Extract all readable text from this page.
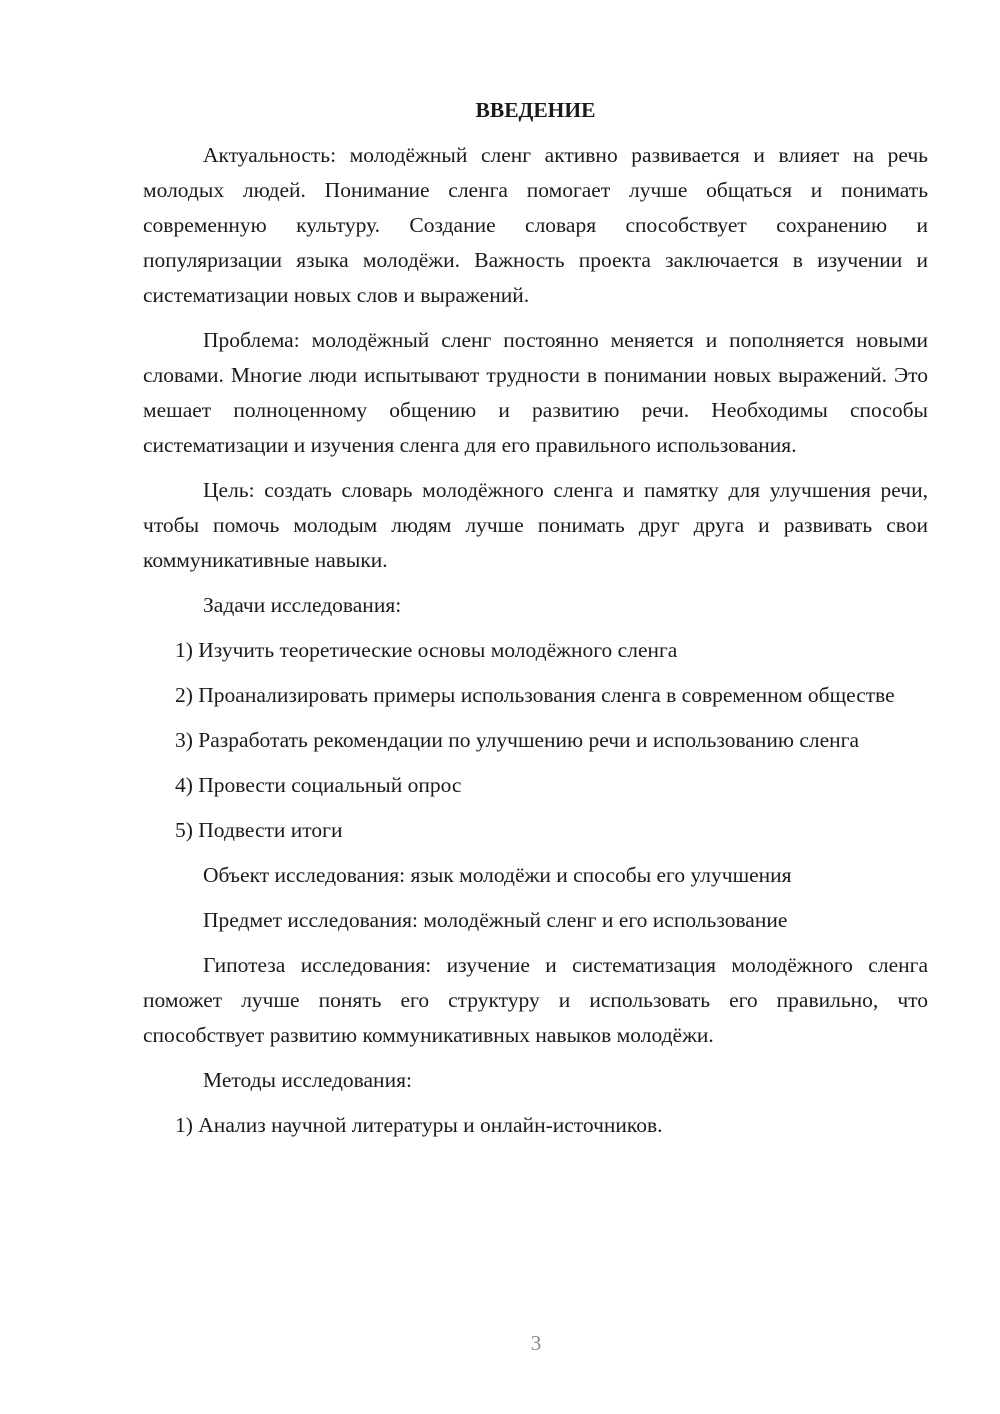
ВВЕДЕНИЕ

Актуальность: молодёжный сленг активно развивается и влияет на речь молодых людей. Понимание сленга помогает лучше общаться и понимать современную культуру. Создание словаря способствует сохранению и популяризации языка молодёжи. Важность проекта заключается в изучении и систематизации новых слов и выражений.

Проблема: молодёжный сленг постоянно меняется и пополняется новыми словами. Многие люди испытывают трудности в понимании новых выражений. Это мешает полноценному общению и развитию речи. Необходимы способы систематизации и изучения сленга для его правильного использования.

Цель: создать словарь молодёжного сленга и памятку для улучшения речи, чтобы помочь молодым людям лучше понимать друг друга и развивать свои коммуникативные навыки.

Задачи исследования:

1) Изучить теоретические основы молодёжного сленга

2) Проанализировать примеры использования сленга в современном обществе

3) Разработать рекомендации по улучшению речи и использованию сленга

4) Провести социальный опрос

5) Подвести итоги

Объект исследования: язык молодёжи и способы его улучшения

Предмет исследования: молодёжный сленг и его использование

Гипотеза исследования: изучение и систематизация молодёжного сленга поможет лучше понять его структуру и использовать его правильно, что способствует развитию коммуникативных навыков молодёжи.

Методы исследования:

1) Анализ научной литературы и онлайн-источников.

3
